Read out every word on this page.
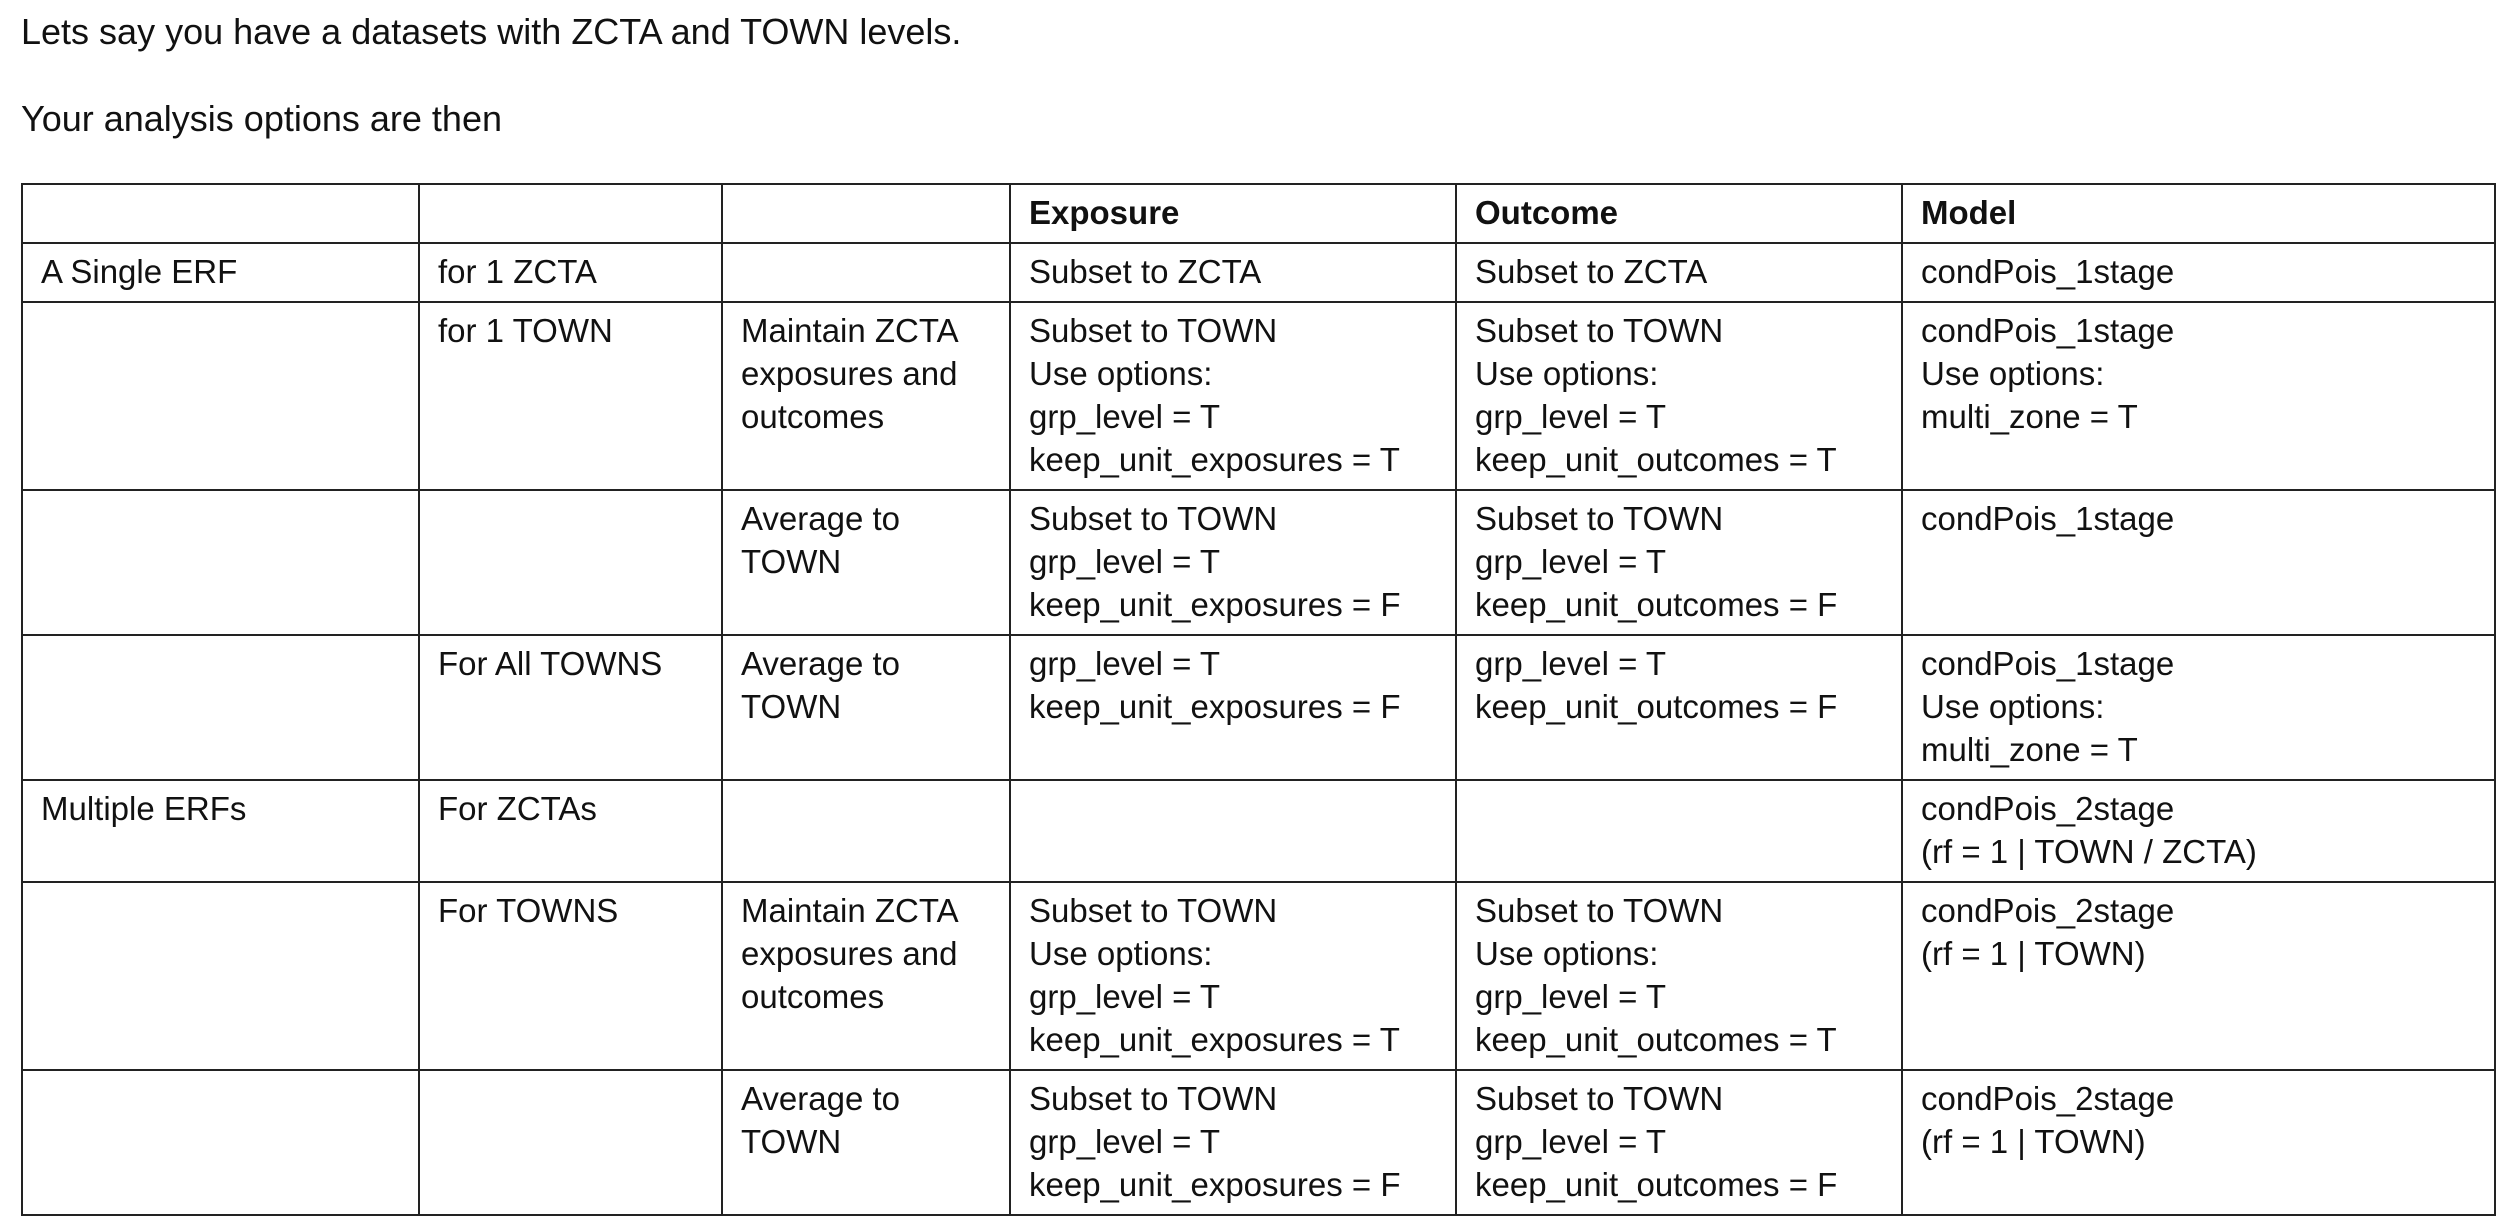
Lets say you have a datasets with ZCTA and TOWN levels.

Your analysis options are then

			Exposure	Outcome	Model

A Single ERF	for 1 ZCTA		Subset to ZCTA	Subset to ZCTA	condPois_1stage

	for 1 TOWN	Maintain ZCTA exposures and outcomes	Subset to TOWN
Use options:
grp_level = T
keep_unit_exposures = T	Subset to TOWN
Use options:
grp_level = T
keep_unit_outcomes = T	condPois_1stage
Use options:
multi_zone = T

		Average to TOWN	Subset to TOWN
grp_level = T
keep_unit_exposures = F	Subset to TOWN
grp_level = T
keep_unit_outcomes = F	condPois_1stage

	For All TOWNS	Average to TOWN	grp_level = T
keep_unit_exposures = F	grp_level = T
keep_unit_outcomes = F	condPois_1stage
Use options:
multi_zone = T

Multiple ERFs	For ZCTAs				condPois_2stage
(rf = 1 | TOWN / ZCTA)

	For TOWNS	Maintain ZCTA exposures and outcomes	Subset to TOWN
Use options:
grp_level = T
keep_unit_exposures = T	Subset to TOWN
Use options:
grp_level = T
keep_unit_outcomes = T	condPois_2stage
(rf = 1 | TOWN)

		Average to TOWN	Subset to TOWN
grp_level = T
keep_unit_exposures = F	Subset to TOWN
grp_level = T
keep_unit_outcomes = F	condPois_2stage
(rf = 1 | TOWN)
